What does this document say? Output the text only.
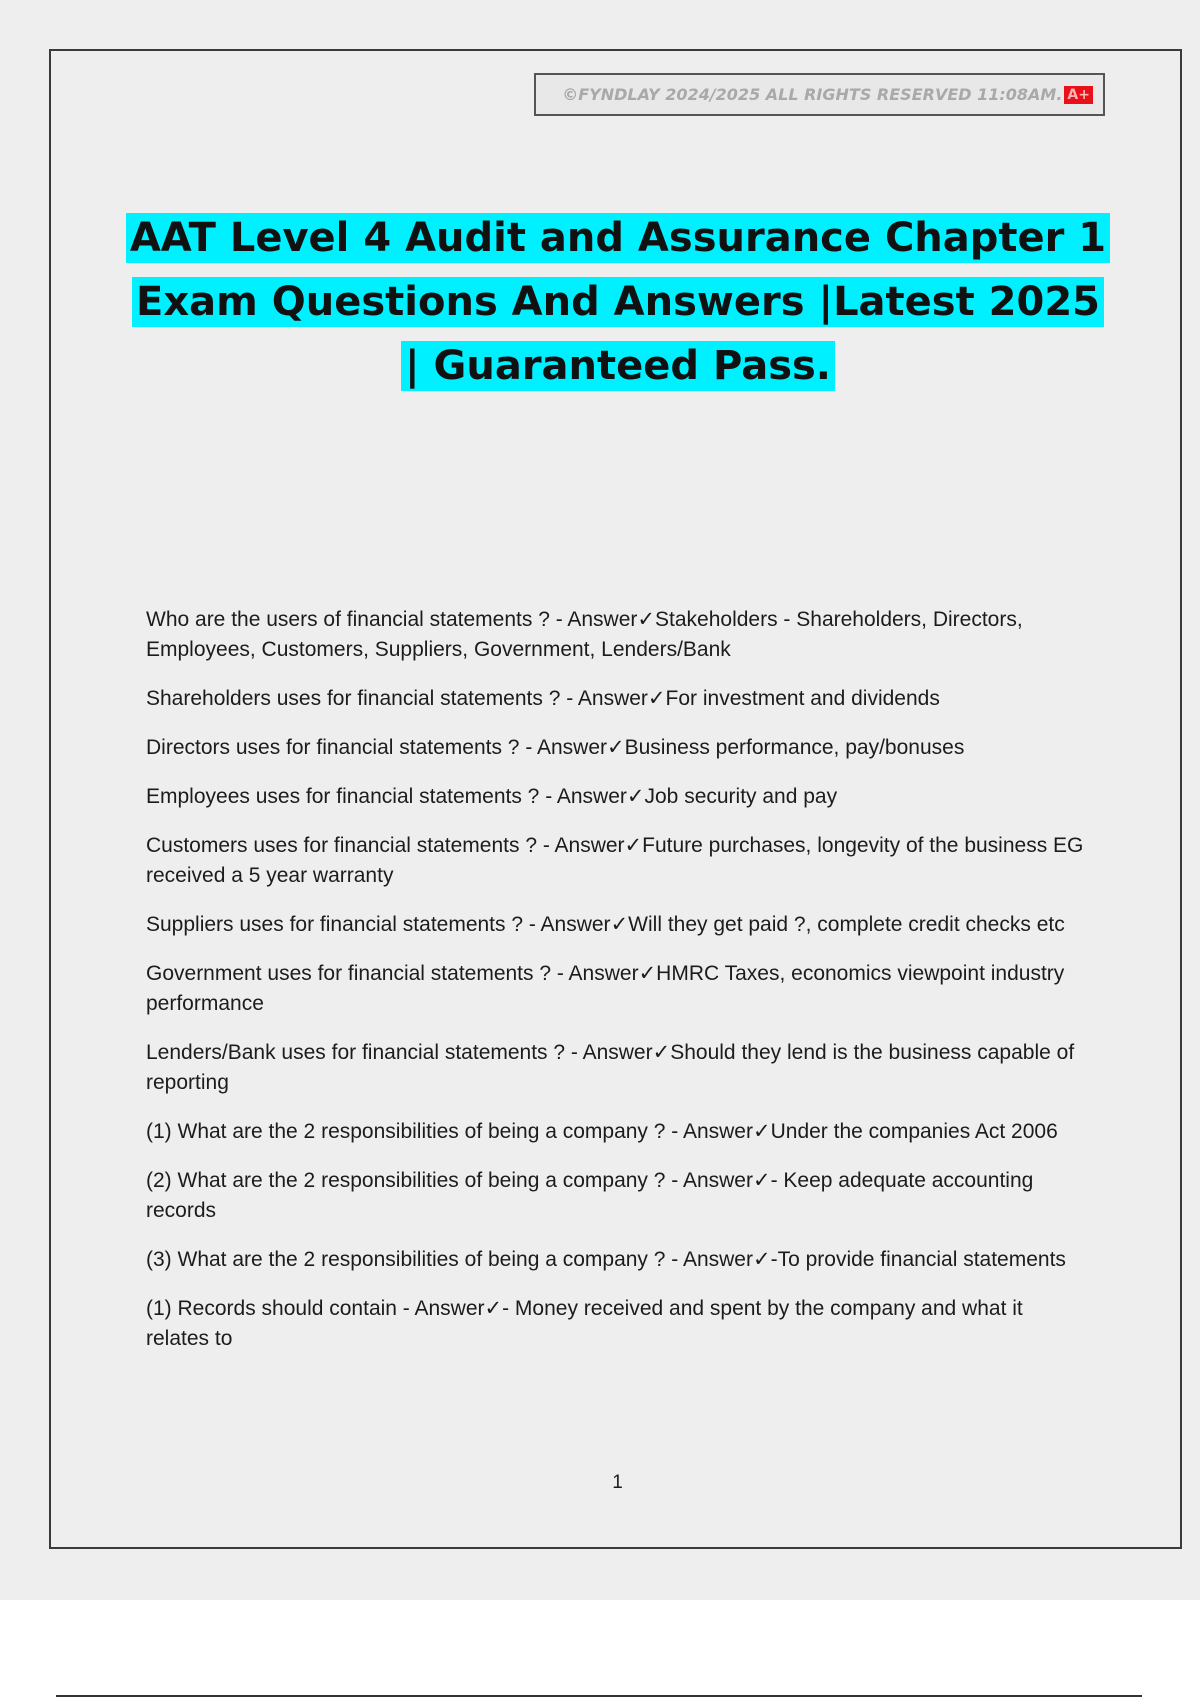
©FYNDLAY 2024/2025 ALL RIGHTS RESERVED 11:08AM. A+
AAT Level 4 Audit and Assurance Chapter 1 Exam Questions And Answers |Latest 2025 | Guaranteed Pass.

Who are the users of financial statements ? - Answer✓Stakeholders - Shareholders, Directors, Employees, Customers, Suppliers, Government, Lenders/Bank

Shareholders uses for financial statements ? - Answer✓For investment and dividends

Directors uses for financial statements ? - Answer✓Business performance, pay/bonuses

Employees uses for financial statements ? - Answer✓Job security and pay

Customers uses for financial statements ? - Answer✓Future purchases, longevity of the business EG received a 5 year warranty

Suppliers uses for financial statements ? - Answer✓Will they get paid ?, complete credit checks etc

Government uses for financial statements ? - Answer✓HMRC Taxes, economics viewpoint industry performance

Lenders/Bank uses for financial statements ? - Answer✓Should they lend is the business capable of reporting

(1) What are the 2 responsibilities of being a company ? - Answer✓Under the companies Act 2006

(2) What are the 2 responsibilities of being a company ? - Answer✓- Keep adequate accounting records

(3) What are the 2 responsibilities of being a company ? - Answer✓-To provide financial statements

(1) Records should contain - Answer✓- Money received and spent by the company and what it relates to

1
